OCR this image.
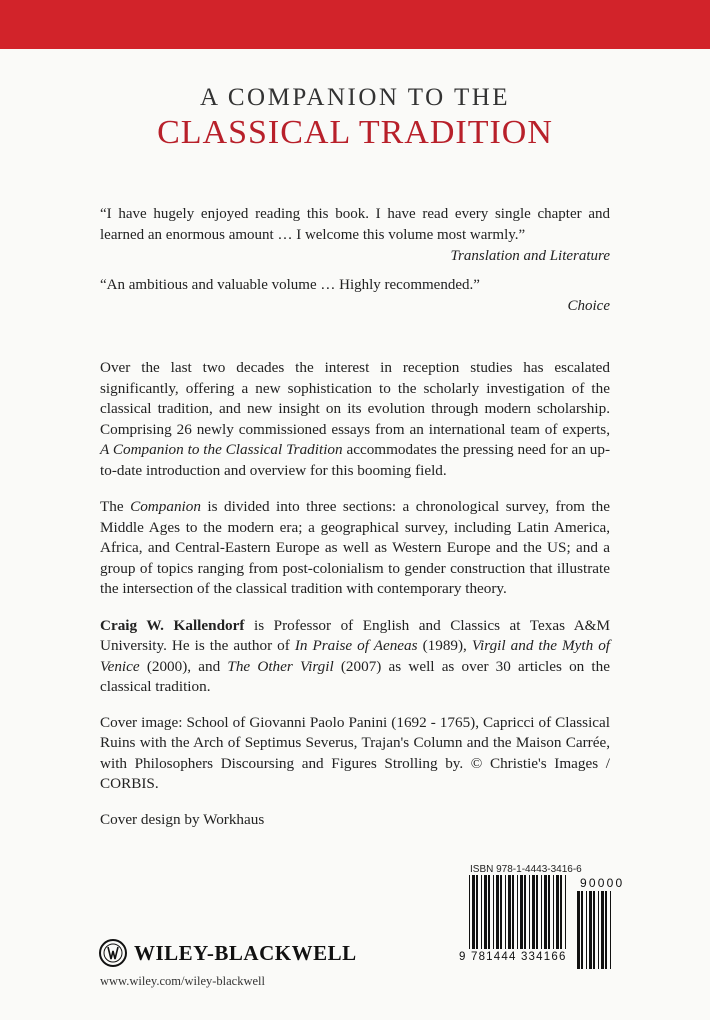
A COMPANION TO THE
CLASSICAL TRADITION

“I have hugely enjoyed reading this book. I have read every single chapter and learned an enormous amount … I welcome this volume most warmly.”

Translation and Literature

“An ambitious and valuable volume … Highly recommended.”

Choice

Over the last two decades the interest in reception studies has escalated significantly, offering a new sophistication to the scholarly investigation of the classical tradition, and new insight on its evolution through modern scholarship. Comprising 26 newly commissioned essays from an international team of experts, A Companion to the Classical Tradition accommodates the pressing need for an up-to-date introduction and overview for this booming field.

The Companion is divided into three sections: a chronological survey, from the Middle Ages to the modern era; a geographical survey, including Latin America, Africa, and Central-Eastern Europe as well as Western Europe and the US; and a group of topics ranging from post-colonialism to gender construction that illustrate the intersection of the classical tradition with contemporary theory.

Craig W. Kallendorf is Professor of English and Classics at Texas A&M University. He is the author of In Praise of Aeneas (1989), Virgil and the Myth of Venice (2000), and The Other Virgil (2007) as well as over 30 articles on the classical tradition.

Cover image: School of Giovanni Paolo Panini (1692 - 1765), Capricci of Classical Ruins with the Arch of Septimus Severus, Trajan's Column and the Maison Carrée, with Philosophers Discoursing and Figures Strolling by. © Christie's Images / CORBIS.

Cover design by Workhaus

ISBN 978-1-4443-3416-6
9 781444 334166
90000
WILEY-BLACKWELL
www.wiley.com/wiley-blackwell
